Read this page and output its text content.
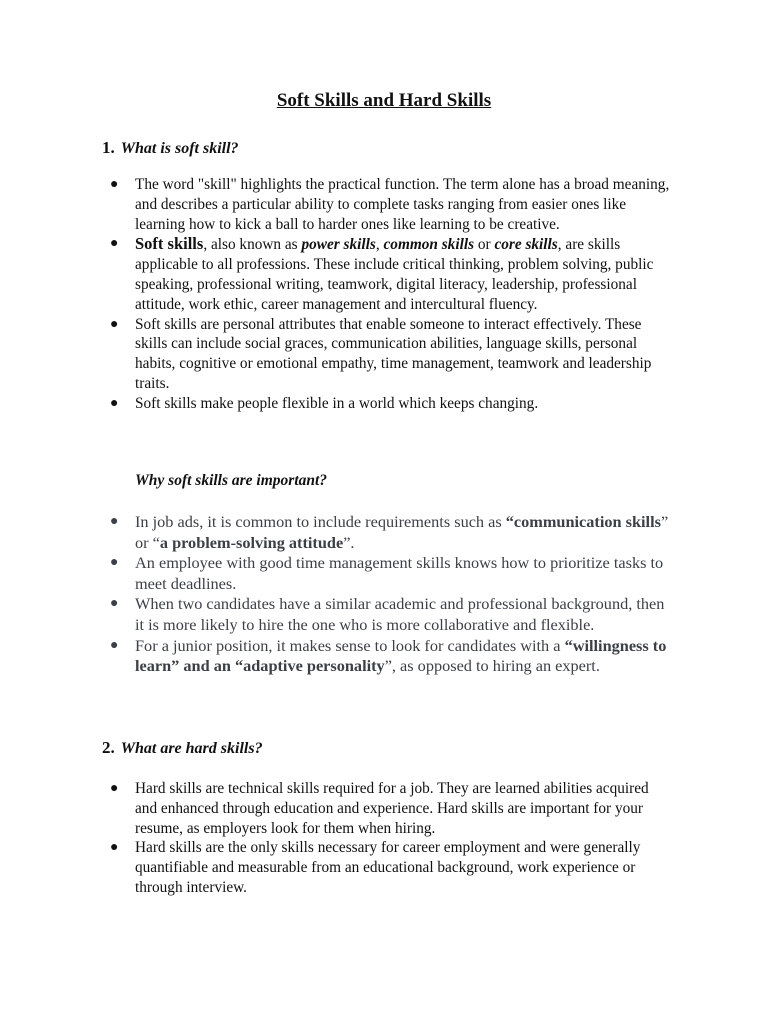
Soft Skills and Hard Skills
1. What is soft skill?
● The word "skill" highlights the practical function. The term alone has a broad meaning, and describes a particular ability to complete tasks ranging from easier ones like learning how to kick a ball to harder ones like learning to be creative.
● Soft skills, also known as power skills, common skills or core skills, are skills applicable to all professions. These include critical thinking, problem solving, public speaking, professional writing, teamwork, digital literacy, leadership, professional attitude, work ethic, career management and intercultural fluency.
● Soft skills are personal attributes that enable someone to interact effectively. These skills can include social graces, communication abilities, language skills, personal habits, cognitive or emotional empathy, time management, teamwork and leadership traits.
● Soft skills make people flexible in a world which keeps changing.
Why soft skills are important?
● In job ads, it is common to include requirements such as “communication skills” or “a problem-solving attitude”.
● An employee with good time management skills knows how to prioritize tasks to meet deadlines.
● When two candidates have a similar academic and professional background, then it is more likely to hire the one who is more collaborative and flexible.
● For a junior position, it makes sense to look for candidates with a “willingness to learn” and an “adaptive personality”, as opposed to hiring an expert.
2. What are hard skills?
● Hard skills are technical skills required for a job. They are learned abilities acquired and enhanced through education and experience. Hard skills are important for your resume, as employers look for them when hiring.
● Hard skills are the only skills necessary for career employment and were generally quantifiable and measurable from an educational background, work experience or through interview.
